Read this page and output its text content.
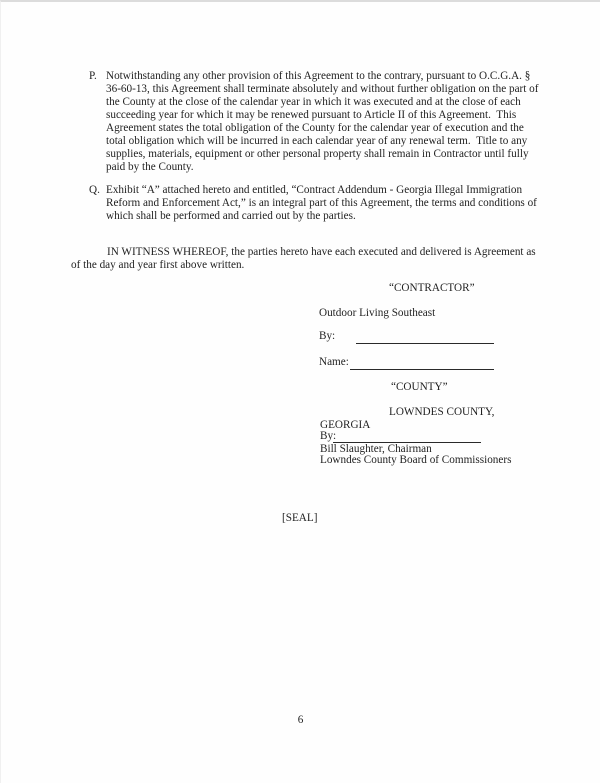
P. Notwithstanding any other provision of this Agreement to the contrary, pursuant to O.C.G.A. §
36-60-13, this Agreement shall terminate absolutely and without further obligation on the part of
the County at the close of the calendar year in which it was executed and at the close of each
succeeding year for which it may be renewed pursuant to Article II of this Agreement.  This
Agreement states the total obligation of the County for the calendar year of execution and the
total obligation which will be incurred in each calendar year of any renewal term.  Title to any
supplies, materials, equipment or other personal property shall remain in Contractor until fully
paid by the County.
Q. Exhibit “A” attached hereto and entitled, “Contract Addendum - Georgia Illegal Immigration
Reform and Enforcement Act,” is an integral part of this Agreement, the terms and conditions of
which shall be performed and carried out by the parties.
IN WITNESS WHEREOF, the parties hereto have each executed and delivered is Agreement as
of the day and year first above written.
“CONTRACTOR”
Outdoor Living Southeast
By:
Name:
“COUNTY”
LOWNDES COUNTY,
GEORGIA
By:
Bill Slaughter, Chairman
Lowndes County Board of Commissioners
[SEAL]
6
